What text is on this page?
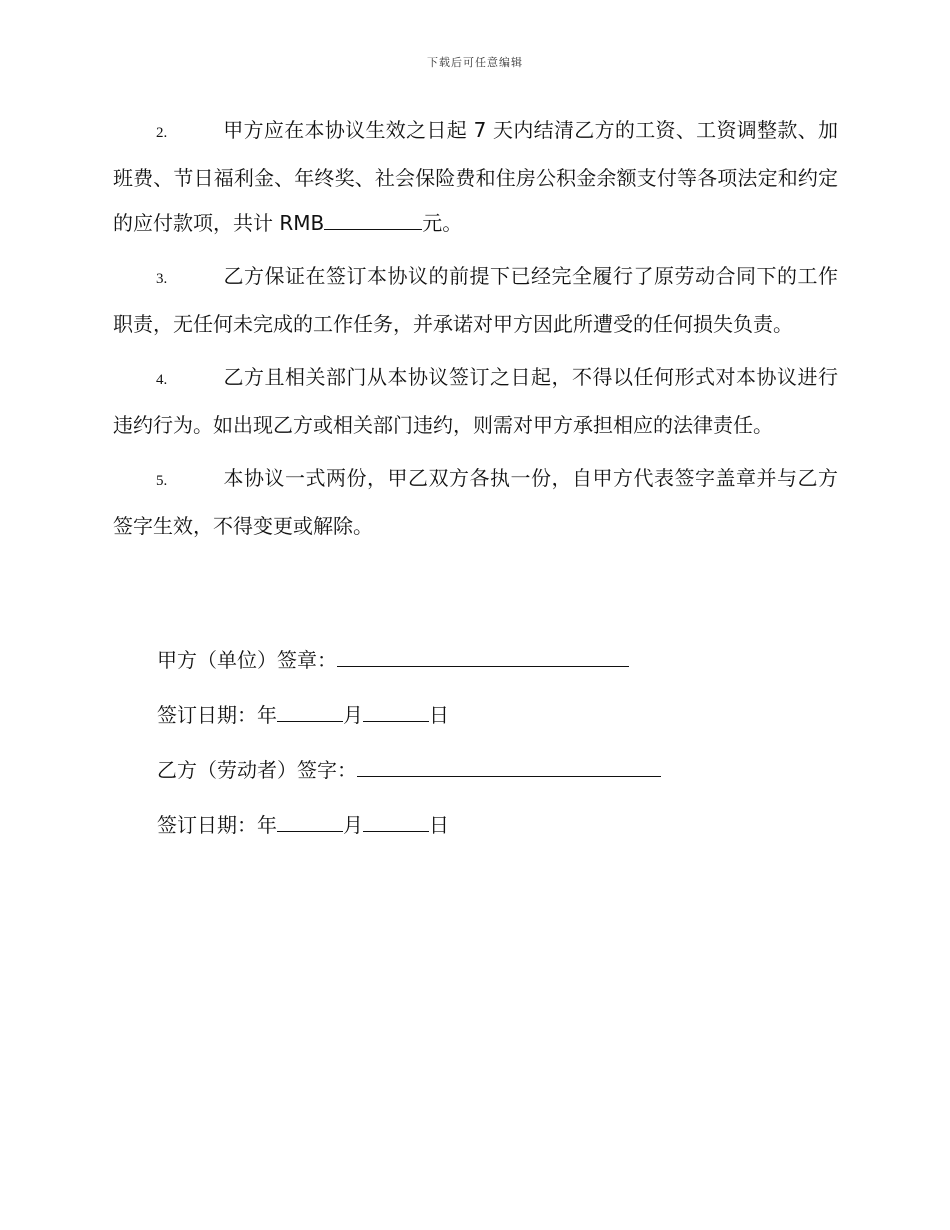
下载后可任意编辑

2.	甲方应在本协议生效之日起 7 天内结清乙方的工资、工资调整款、加班费、节日福利金、年终奖、社会保险费和住房公积金余额支付等各项法定和约定的应付款项，共计 RMB	元。

3.	乙方保证在签订本协议的前提下已经完全履行了原劳动合同下的工作职责，无任何未完成的工作任务，并承诺对甲方因此所遭受的任何损失负责。

4.	乙方且相关部门从本协议签订之日起，不得以任何形式对本协议进行违约行为。如出现乙方或相关部门违约，则需对甲方承担相应的法律责任。

5.	本协议一式两份，甲乙双方各执一份，自甲方代表签字盖章并与乙方签字生效，不得变更或解除。

甲方（单位）签章：
签订日期：年	月	日
乙方（劳动者）签字：
签订日期：年	月	日
